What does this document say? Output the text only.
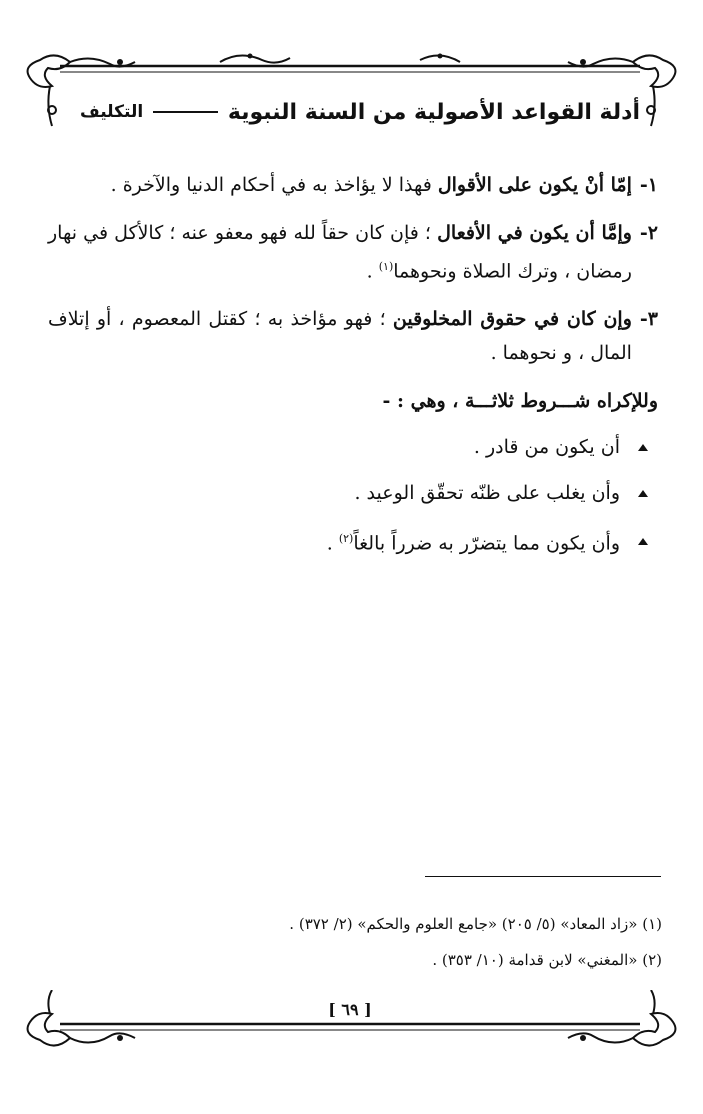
أدلة القواعد الأصولية من السنة النبوية
التكليف
١-
إمّا أنْ يكون على الأقوال فهذا لا يؤاخذ به في أحكام الدنيا والآخرة .
٢-
وإمَّا أن يكون في الأفعال ؛ فإن كان حقاً لله فهو معفو عنه ؛ كالأكل في نهار رمضان ، وترك الصلاة ونحوهما$^{(١)}$ .
٣-
وإن كان في حقوق المخلوقين ؛ فهو مؤاخذ به ؛ كقتل المعصوم ، أو إتلاف المال ، و نحوهما .
وللإكراه شـــروط ثلاثـــة ، وهي : -
أن يكون من قادر .
وأن يغلب على ظنّه تحقّق الوعيد .
وأن يكون مما يتضرّر به ضرراً بالغاً$^{(٢)}$ .
(١) «زاد المعاد» (٥/ ٢٠٥) «جامع العلوم والحكم» (٢/ ٣٧٢) .
(٢) «المغني» لابن قدامة (١٠/ ٣٥٣) .
[ ٦٩ ]
